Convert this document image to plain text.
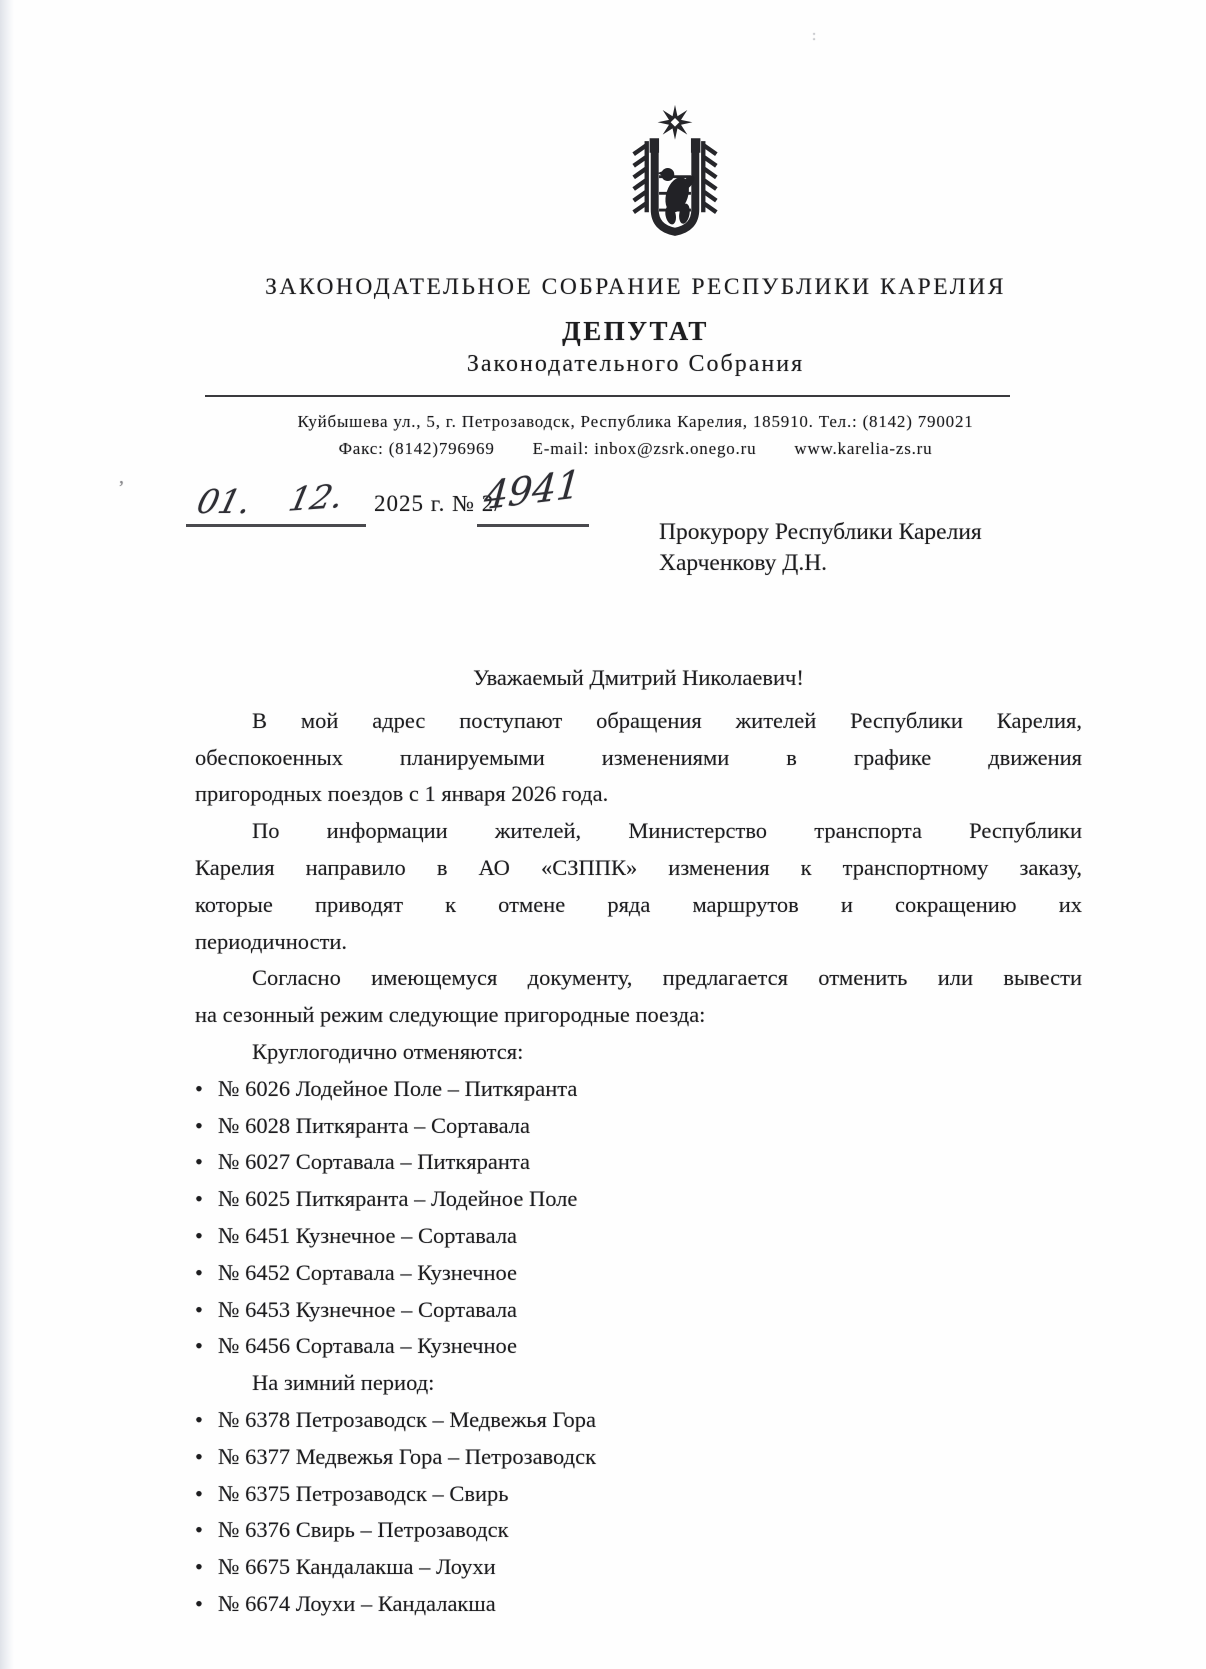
:
‚
ЗАКОНОДАТЕЛЬНОЕ СОБРАНИЕ РЕСПУБЛИКИ КАРЕЛИЯ
ДЕПУТАТ
Законодательного Собрания
Куйбышева ул., 5, г. Петрозаводск, Республика Карелия, 185910. Тел.: (8142) 790021
Факс: (8142)796969 E-mail: inbox@zsrk.onego.ru www.karelia-zs.ru
01. 12. 2025 г. № 2/
4941
Прокурору Республики Карелия
Харченкову Д.Н.
Уважаемый Дмитрий Николаевич!
В мой адрес поступают обращения жителей Республики Карелия,
обеспокоенных планируемыми изменениями в графике движения
пригородных поездов с 1 января 2026 года.
По информации жителей, Министерство транспорта Республики
Карелия направило в АО «СЗППК» изменения к транспортному заказу,
которые приводят к отмене ряда маршрутов и сокращению их
периодичности.
Согласно имеющемуся документу, предлагается отменить или вывести
на сезонный режим следующие пригородные поезда:
Круглогодично отменяются:
• № 6026 Лодейное Поле – Питкяранта
• № 6028 Питкяранта – Сортавала
• № 6027 Сортавала – Питкяранта
• № 6025 Питкяранта – Лодейное Поле
• № 6451 Кузнечное – Сортавала
• № 6452 Сортавала – Кузнечное
• № 6453 Кузнечное – Сортавала
• № 6456 Сортавала – Кузнечное
На зимний период:
• № 6378 Петрозаводск – Медвежья Гора
• № 6377 Медвежья Гора – Петрозаводск
• № 6375 Петрозаводск – Свирь
• № 6376 Свирь – Петрозаводск
• № 6675 Кандалакша – Лоухи
• № 6674 Лоухи – Кандалакша
